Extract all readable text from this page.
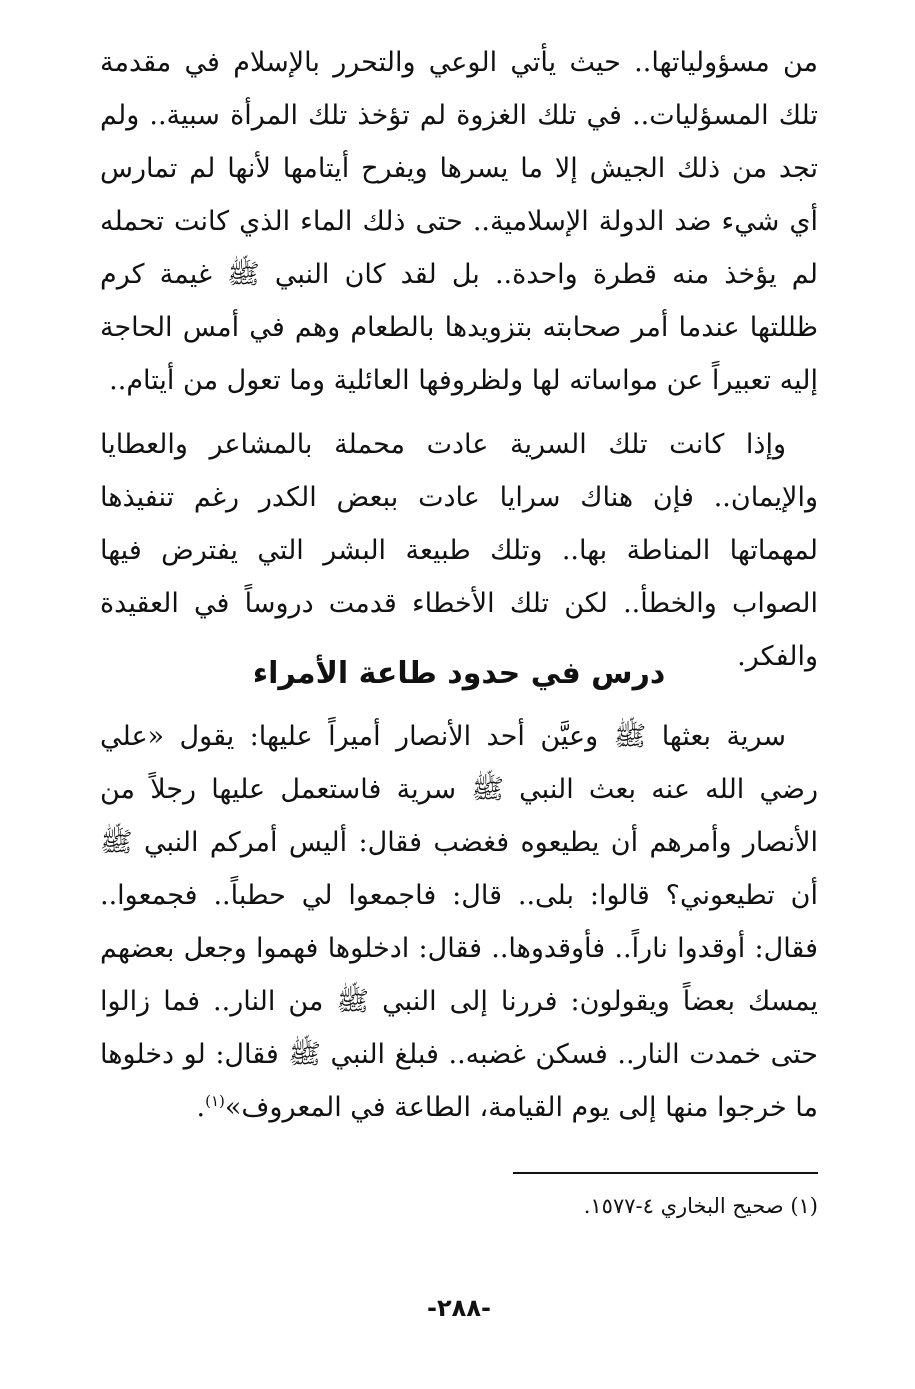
من مسؤولياتها.. حيث يأتي الوعي والتحرر بالإسلام في مقدمة تلك المسؤليات.. في تلك الغزوة لم تؤخذ تلك المرأة سبية.. ولم تجد من ذلك الجيش إلا ما يسرها ويفرح أيتامها لأنها لم تمارس أي شيء ضد الدولة الإسلامية.. حتى ذلك الماء الذي كانت تحمله لم يؤخذ منه قطرة واحدة.. بل لقد كان النبي ﷺ غيمة كرم ظللتها عندما أمر صحابته بتزويدها بالطعام وهم في أمس الحاجة إليه تعبيراً عن مواساته لها ولظروفها العائلية وما تعول من أيتام..

وإذا كانت تلك السرية عادت محملة بالمشاعر والعطايا والإيمان.. فإن هناك سرايا عادت ببعض الكدر رغم تنفيذها لمهماتها المناطة بها.. وتلك طبيعة البشر التي يفترض فيها الصواب والخطأ.. لكن تلك الأخطاء قدمت دروساً في العقيدة والفكر.

درس في حدود طاعة الأمراء

سرية بعثها ﷺ وعيَّن أحد الأنصار أميراً عليها: يقول «علي رضي الله عنه بعث النبي ﷺ سرية فاستعمل عليها رجلاً من الأنصار وأمرهم أن يطيعوه فغضب فقال: أليس أمركم النبي ﷺ أن تطيعوني؟ قالوا: بلى.. قال: فاجمعوا لي حطباً.. فجمعوا.. فقال: أوقدوا ناراً.. فأوقدوها.. فقال: ادخلوها فهموا وجعل بعضهم يمسك بعضاً ويقولون: فررنا إلى النبي ﷺ من النار.. فما زالوا حتى خمدت النار.. فسكن غضبه.. فبلغ النبي ﷺ فقال: لو دخلوها ما خرجوا منها إلى يوم القيامة، الطاعة في المعروف»$^{(١)}$.

(١) صحيح البخاري ٤-١٥٧٧.
-٢٨٨-
